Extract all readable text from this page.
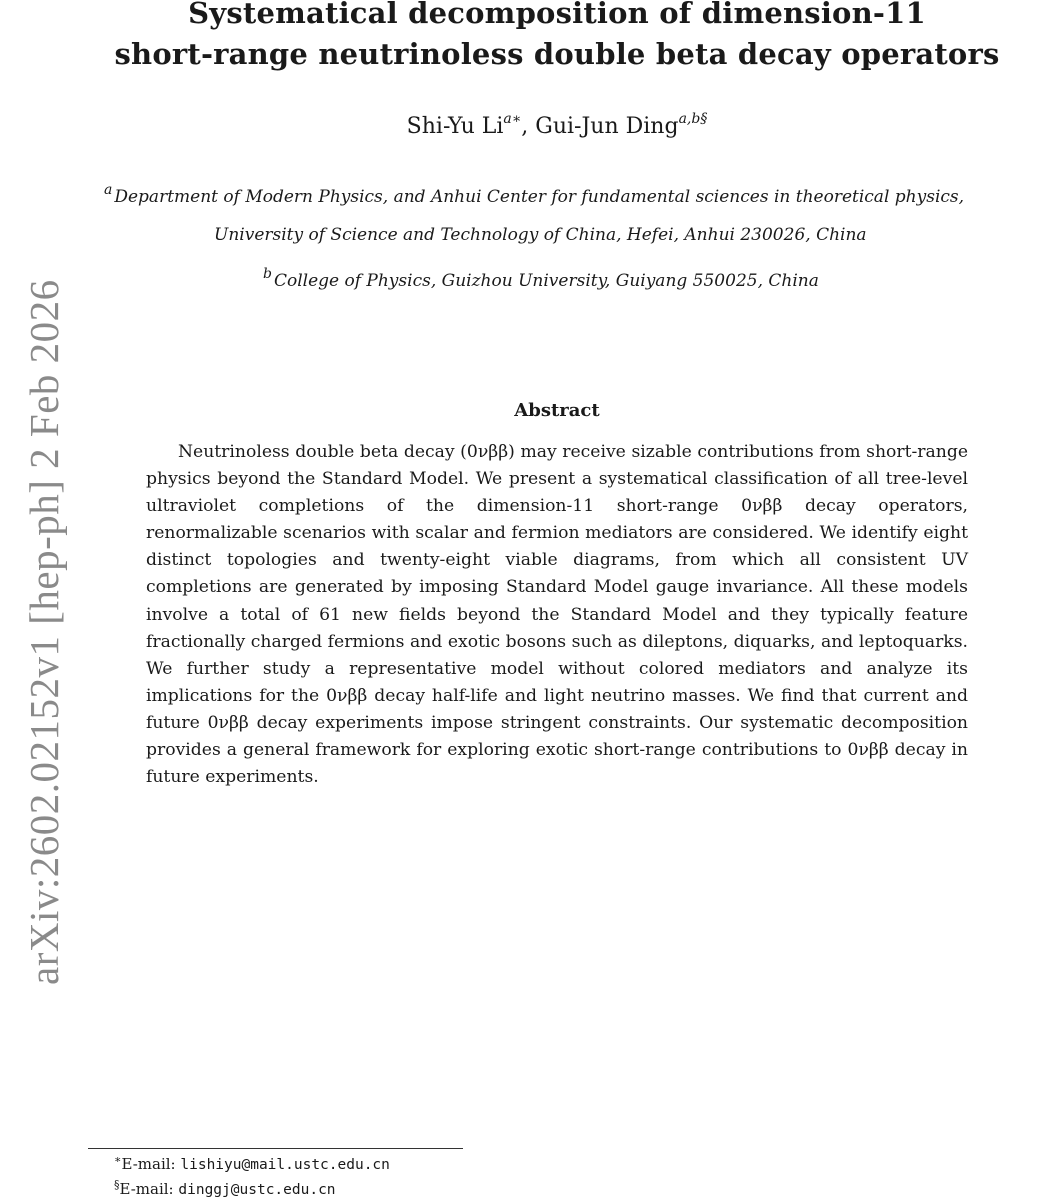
arXiv:2602.02152v1 [hep-ph] 2 Feb 2026
Systematical decomposition of dimension-11
short-range neutrinoless double beta decay operators
Shi-Yu $Li^{a∗}$, Gui-Jun Ding$^{a,b\S}$
$^a$ Department of Modern Physics, and Anhui Center for fundamental sciences in theoretical physics,
University of Science and Technology of China, Hefei, Anhui 230026, China
$^b$ College of Physics, Guizhou University, Guiyang 550025, China
Abstract
Neutrinoless double beta decay (0νββ) may receive sizable contributions from short-range physics beyond the Standard Model. We present a systematical classification of all tree-level ultraviolet completions of the dimension-11 short-range 0νββ decay operators, renormalizable scenarios with scalar and fermion mediators are considered. We identify eight distinct topologies and twenty-eight viable diagrams, from which all consistent UV completions are generated by imposing Standard Model gauge invariance. All these models involve a total of 61 new fields beyond the Standard Model and they typically feature fractionally charged fermions and exotic bosons such as dileptons, diquarks, and leptoquarks. We further study a representative model without colored mediators and analyze its implications for the 0νββ decay half-life and light neutrino masses. We find that current and future 0νββ decay experiments impose stringent constraints. Our systematic decomposition provides a general framework for exploring exotic short-range contributions to 0νββ decay in future experiments.
∗E-mail: lishiyu@mail.ustc.edu.cn
§E-mail: dinggj@ustc.edu.cn
